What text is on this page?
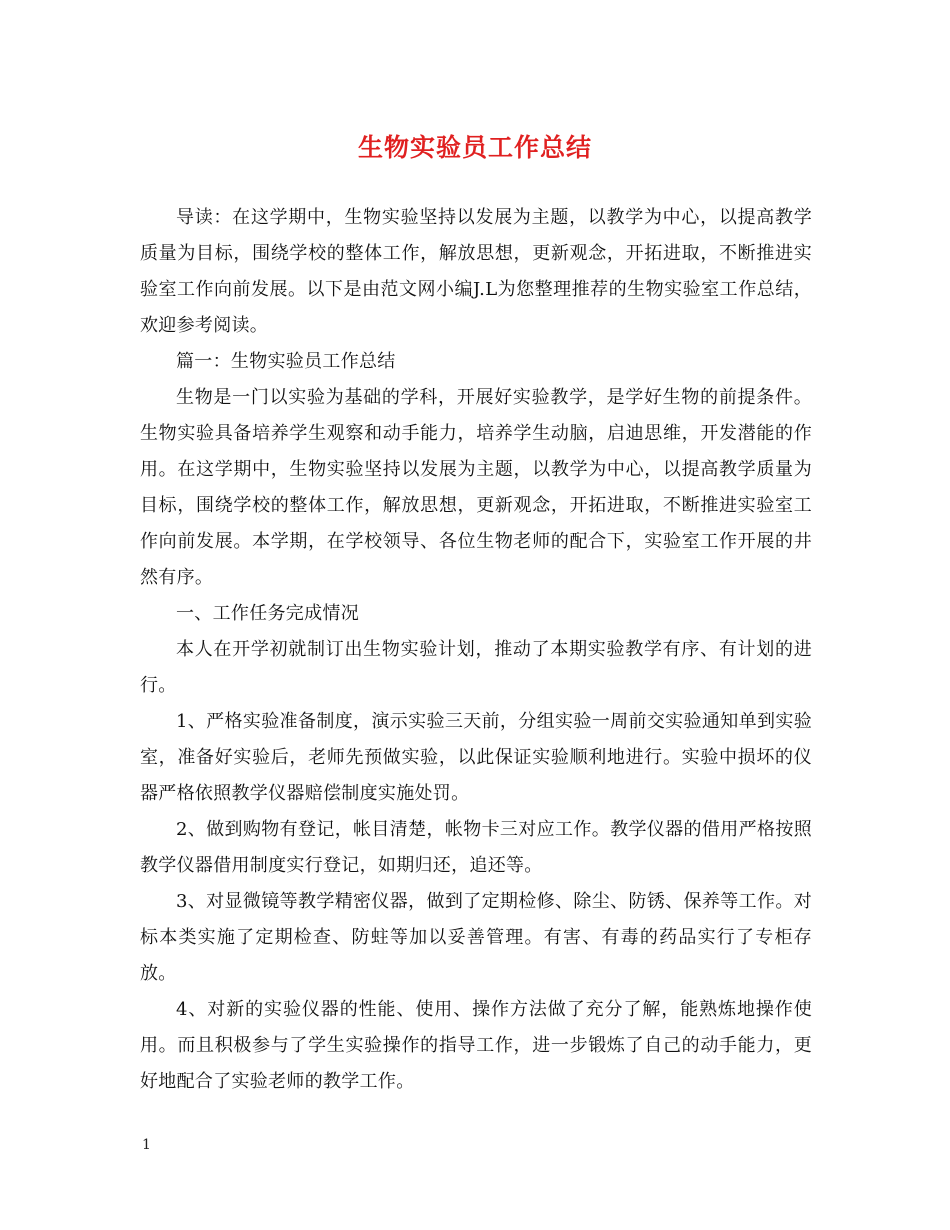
生物实验员工作总结

导读：在这学期中，生物实验坚持以发展为主题，以教学为中心，以提高教学质量为目标，围绕学校的整体工作，解放思想，更新观念，开拓进取，不断推进实验室工作向前发展。以下是由范文网小编J.L为您整理推荐的生物实验室工作总结，欢迎参考阅读。

篇一：生物实验员工作总结

生物是一门以实验为基础的学科，开展好实验教学，是学好生物的前提条件。生物实验具备培养学生观察和动手能力，培养学生动脑，启迪思维，开发潜能的作用。在这学期中，生物实验坚持以发展为主题，以教学为中心，以提高教学质量为目标，围绕学校的整体工作，解放思想，更新观念，开拓进取，不断推进实验室工作向前发展。本学期，在学校领导、各位生物老师的配合下，实验室工作开展的井然有序。

一、工作任务完成情况

本人在开学初就制订出生物实验计划，推动了本期实验教学有序、有计划的进行。

1、严格实验准备制度，演示实验三天前，分组实验一周前交实验通知单到实验室，准备好实验后，老师先预做实验，以此保证实验顺利地进行。实验中损坏的仪器严格依照教学仪器赔偿制度实施处罚。

2、做到购物有登记，帐目清楚，帐物卡三对应工作。教学仪器的借用严格按照教学仪器借用制度实行登记，如期归还，追还等。

3、对显微镜等教学精密仪器，做到了定期检修、除尘、防锈、保养等工作。对标本类实施了定期检查、防蛀等加以妥善管理。有害、有毒的药品实行了专柜存放。

4、对新的实验仪器的性能、使用、操作方法做了充分了解，能熟炼地操作使用。而且积极参与了学生实验操作的指导工作，进一步锻炼了自己的动手能力，更好地配合了实验老师的教学工作。

1
